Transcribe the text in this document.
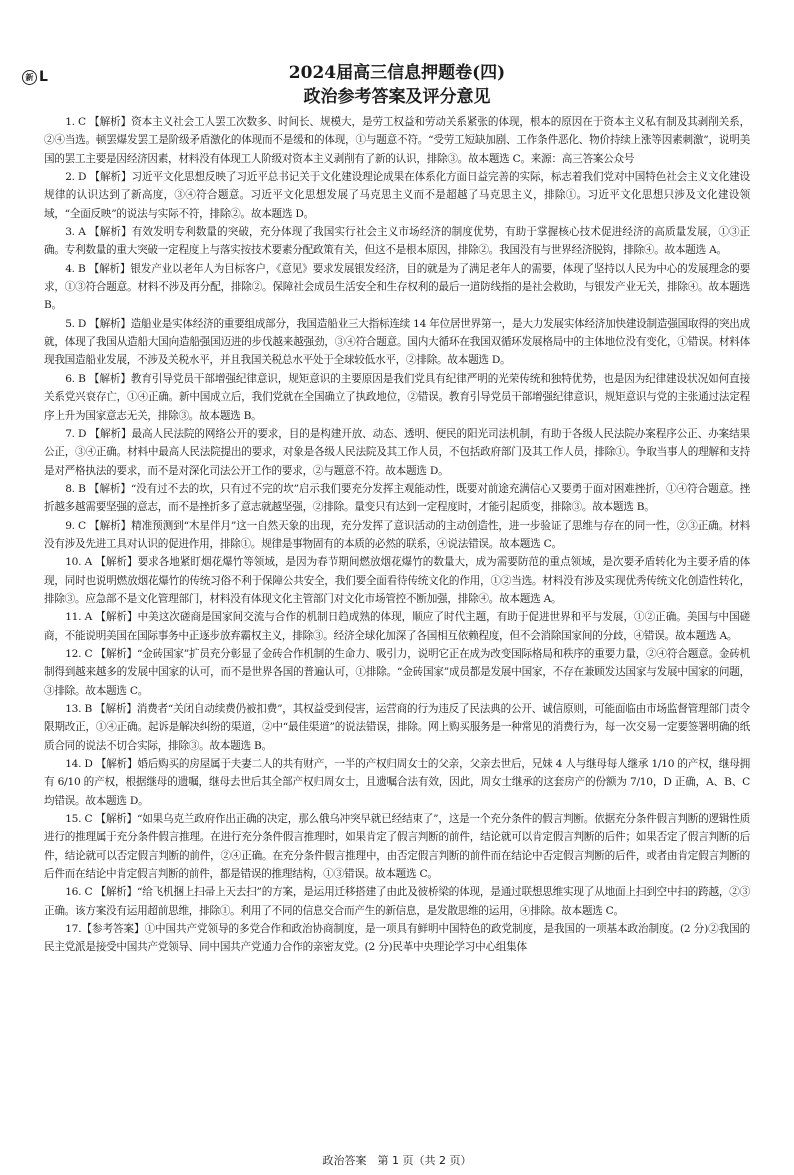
新 L	2024届高三信息押题卷(四)
政治参考答案及评分意见

1. C 【解析】资本主义社会工人罢工次数多、时间长、规模大，是劳工权益和劳动关系紧张的体现，根本的原因在于资本主义私有制及其剥削关系，②④当选。顿罢爆发罢工是阶级矛盾激化的体现而不是缓和的体现，①与题意不符。“受劳工短缺加剧、工作条件恶化、物价持续上涨等因素刺激”，说明美国的罢工主要是因经济因素，材料没有体现工人阶级对资本主义剥削有了新的认识，排除③。故本题选 C。来源：高三答案公众号

2. D 【解析】习近平文化思想反映了习近平总书记关于文化建设理论成果在体系化方面日益完善的实际，标志着我们党对中国特色社会主义文化建设规律的认识达到了新高度，③④符合题意。习近平文化思想发展了马克思主义而不是超越了马克思主义，排除①。习近平文化思想只涉及文化建设领域，“全面反映”的说法与实际不符，排除②。故本题选 D。

3. A 【解析】有效发明专利数量的突破，充分体现了我国实行社会主义市场经济的制度优势，有助于掌握核心技术促进经济的高质量发展，①③正确。专利数量的重大突破一定程度上与落实按技术要素分配政策有关，但这不是根本原因，排除②。我国没有与世界经济脱钩，排除④。故本题选 A。

4. B 【解析】银发产业以老年人为目标客户，《意见》要求发展银发经济，目的就是为了满足老年人的需要，体现了坚持以人民为中心的发展理念的要求，①③符合题意。材料不涉及再分配，排除②。保障社会成员生活安全和生存权利的最后一道防线指的是社会救助，与银发产业无关，排除④。故本题选 B。

5. D 【解析】造船业是实体经济的重要组成部分，我国造船业三大指标连续 14 年位居世界第一，是大力发展实体经济加快建设制造强国取得的突出成就，体现了我国从造船大国向造船强国迈进的步伐越来越强劲，③④符合题意。国内大循环在我国双循环发展格局中的主体地位没有变化，①错误。材料体现我国造船业发展，不涉及关税水平，并且我国关税总水平处于全球较低水平，②排除。故本题选 D。

6. B 【解析】教育引导党员干部增强纪律意识，规矩意识的主要原因是我们党具有纪律严明的光荣传统和独特优势，也是因为纪律建设状况如何直接关系党兴衰存亡，①④正确。新中国成立后，我们党就在全国确立了执政地位，②错误。教育引导党员干部增强纪律意识，规矩意识与党的主张通过法定程序上升为国家意志无关，排除③。故本题选 B。

7. D 【解析】最高人民法院的网络公开的要求，目的是构建开放、动态、透明、便民的阳光司法机制，有助于各级人民法院办案程序公正、办案结果公正，③④正确。材料中最高人民法院提出的要求，对象是各级人民法院及其工作人员，不包括政府部门及其工作人员，排除①。争取当事人的理解和支持是对严格执法的要求，而不是对深化司法公开工作的要求，②与题意不符。故本题选 D。

8. B 【解析】“没有过不去的坎，只有过不完的坎”启示我们要充分发挥主观能动性，既要对前途充满信心又要勇于面对困难挫折，①④符合题意。挫折越多越需要坚强的意志，而不是挫折多了意志就越坚强，②排除。量变只有达到一定程度时，才能引起质变，排除③。故本题选 B。

9. C 【解析】精准预测到“木星伴月”这一自然天象的出现，充分发挥了意识活动的主动创造性，进一步验证了思维与存在的同一性，②③正确。材料没有涉及先进工具对认识的促进作用，排除①。规律是事物固有的本质的必然的联系，④说法错误。故本题选 C。

10. A 【解析】要求各地紧盯烟花爆竹等领域，是因为春节期间燃放烟花爆竹的数量大，成为需要防范的重点领域，是次要矛盾转化为主要矛盾的体现，同时也说明燃放烟花爆竹的传统习俗不利于保障公共安全，我们要全面看待传统文化的作用，①②当选。材料没有涉及实现优秀传统文化创造性转化，排除③。应急部不是文化管理部门，材料没有体现文化主管部门对文化市场管控不断加强，排除④。故本题选 A。

11. A 【解析】中美这次磋商是国家间交流与合作的机制日趋成熟的体现，顺应了时代主题，有助于促进世界和平与发展，①②正确。美国与中国磋商，不能说明美国在国际事务中正逐步放弃霸权主义，排除③。经济全球化加深了各国相互依赖程度，但不会消除国家间的分歧，④错误。故本题选 A。

12. C 【解析】“金砖国家”扩员充分彰显了金砖合作机制的生命力、吸引力，说明它正在成为改变国际格局和秩序的重要力量，②④符合题意。金砖机制得到越来越多的发展中国家的认可，而不是世界各国的普遍认可，①排除。“金砖国家”成员都是发展中国家，不存在兼顾发达国家与发展中国家的问题，③排除。故本题选 C。

13. B 【解析】消费者“关闭自动续费仍被扣费”，其权益受到侵害，运营商的行为违反了民法典的公开、诚信原则，可能面临由市场监督管理部门责令限期改正，①④正确。起诉是解决纠纷的渠道，②中“最佳渠道”的说法错误，排除。网上购买服务是一种常见的消费行为，每一次交易一定要签署明确的纸质合同的说法不切合实际，排除③。故本题选 B。

14. D 【解析】婚后购买的房屋属于夫妻二人的共有财产，一半的产权归周女士的父亲，父亲去世后，兄妹 4 人与继母每人继承 1/10 的产权，继母拥有 6/10 的产权，根据继母的遗嘱，继母去世后其全部产权归周女士，且遗嘱合法有效，因此，周女士继承的这套房产的份额为 7/10，D 正确，A、B、C 均错误。故本题选 D。

15. C 【解析】“如果乌克兰政府作出正确的决定，那么俄乌冲突早就已经结束了”，这是一个充分条件的假言判断。依据充分条件假言判断的逻辑性质进行的推理属于充分条件假言推理。在进行充分条件假言推理时，如果肯定了假言判断的前件，结论就可以肯定假言判断的后件；如果否定了假言判断的后件，结论就可以否定假言判断的前件，②④正确。在充分条件假言推理中，由否定假言判断的前件而在结论中否定假言判断的后件，或者由肯定假言判断的后件而在结论中肯定假言判断的前件，都是错误的推理结构，①③错误。故本题选 C。

16. C 【解析】“给飞机捆上扫帚上天去扫”的方案，是运用迁移搭建了由此及彼桥梁的体现，是通过联想思维实现了从地面上扫到空中扫的跨越，②③正确。该方案没有运用超前思维，排除①。利用了不同的信息交合而产生的新信息，是发散思维的运用，④排除。故本题选 C。

17.【参考答案】①中国共产党领导的多党合作和政治协商制度，是一项具有鲜明中国特色的政党制度，是我国的一项基本政治制度。(2 分)②我国的民主党派是接受中国共产党领导、同中国共产党通力合作的亲密友党。(2 分)民革中央理论学习中心组集体

政治答案　第 1 页（共 2 页）
